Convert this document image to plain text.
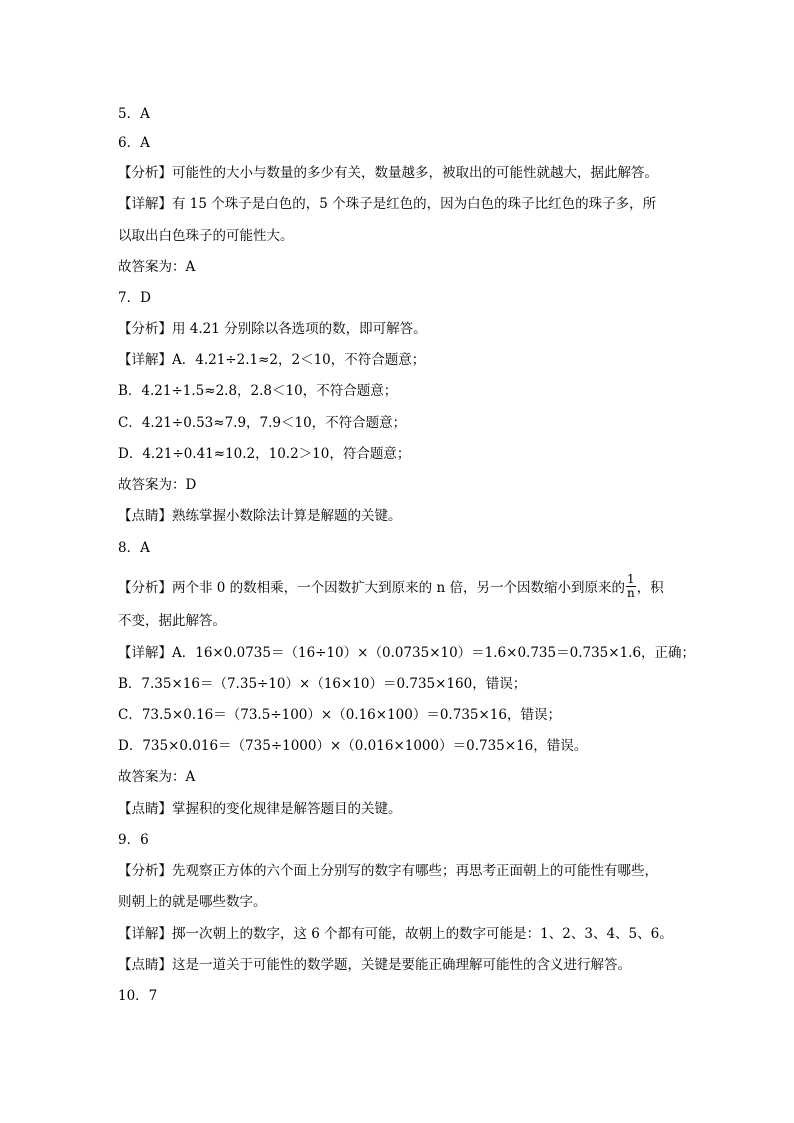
5．A
6．A
【分析】可能性的大小与数量的多少有关，数量越多，被取出的可能性就越大，据此解答。
【详解】有 15 个珠子是白色的，5 个珠子是红色的，因为白色的珠子比红色的珠子多，所
以取出白色珠子的可能性大。
故答案为：A
7．D
【分析】用 4.21 分别除以各选项的数，即可解答。
【详解】A．4.21÷2.1≈2，2＜10，不符合题意；
B．4.21÷1.5≈2.8，2.8＜10，不符合题意；
C．4.21÷0.53≈7.9，7.9＜10，不符合题意；
D．4.21÷0.41≈10.2，10.2＞10，符合题意；
故答案为：D
【点睛】熟练掌握小数除法计算是解题的关键。
8．A
【分析】两个非 0 的数相乘，一个因数扩大到原来的 n 倍，另一个因数缩小到原来的 $\frac{1}{n}$ ，积
不变，据此解答。
【详解】A．16×0.0735＝（16÷10）×（0.0735×10）＝1.6×0.735＝0.735×1.6，正确；
B．7.35×16＝（7.35÷10）×（16×10）＝0.735×160，错误；
C．73.5×0.16＝（73.5÷100）×（0.16×100）＝0.735×16，错误；
D．735×0.016＝（735÷1000）×（0.016×1000）＝0.735×16，错误。
故答案为：A
【点睛】掌握积的变化规律是解答题目的关键。
9．6
【分析】先观察正方体的六个面上分别写的数字有哪些；再思考正面朝上的可能性有哪些，
则朝上的就是哪些数字。
【详解】掷一次朝上的数字，这 6 个都有可能，故朝上的数字可能是：1、2、3、4、5、6。
【点睛】这是一道关于可能性的数学题，关键是要能正确理解可能性的含义进行解答。
10．7
